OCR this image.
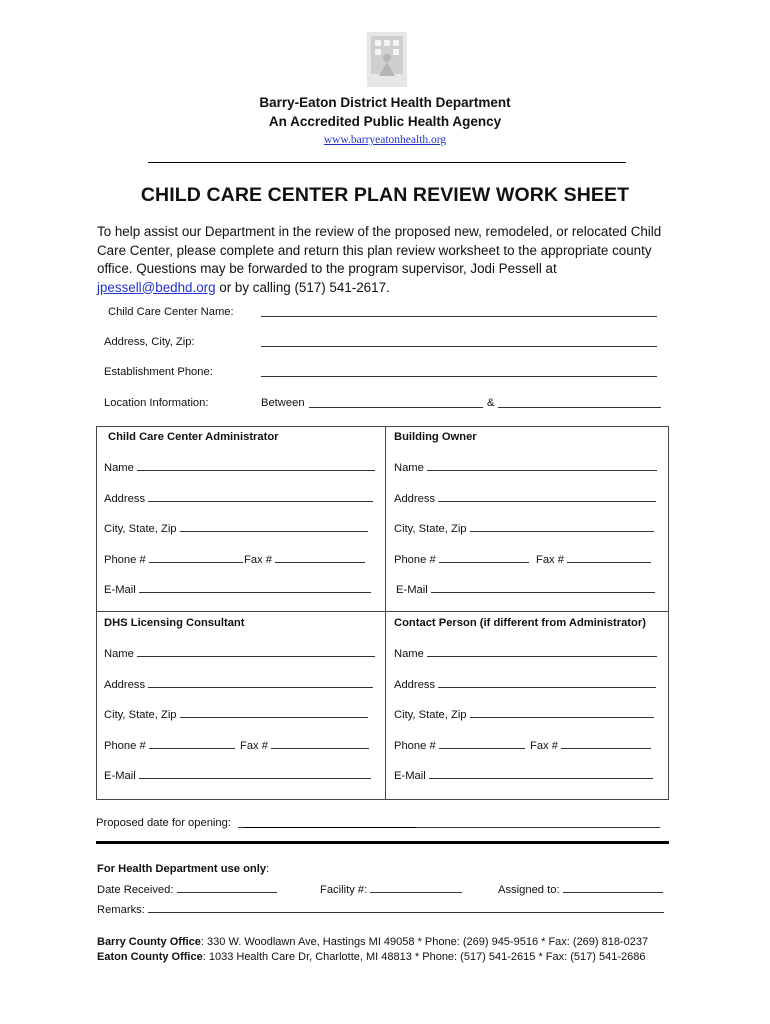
Barry-Eaton District Health Department
An Accredited Public Health Agency
www.barryeatonhealth.org
CHILD CARE CENTER PLAN REVIEW WORK SHEET
To help assist our Department in the review of the proposed new, remodeled, or relocated Child Care Center, please complete and return this plan review worksheet to the appropriate county office. Questions may be forwarded to the program supervisor, Jodi Pessell at jpessell@bedhd.org or by calling (517) 541-2617.
Child Care Center Name:
Address, City, Zip:
Establishment Phone:
Location Information:	Between	&
Child Care Center Administrator
Name
Address
City, State, Zip
Phone #	Fax #
E-Mail
Building Owner
Name
Address
City, State, Zip
Phone #	Fax #
E-Mail
DHS Licensing Consultant
Name
Address
City, State, Zip
Phone #	Fax #
E-Mail
Contact Person (if different from Administrator)
Name
Address
City, State, Zip
Phone #	Fax #
E-Mail
Proposed date for opening:
For Health Department use only:
Date Received:	Facility #:	Assigned to:
Remarks:
Barry County Office: 330 W. Woodlawn Ave, Hastings MI 49058 * Phone: (269) 945-9516 * Fax: (269) 818-0237
Eaton County Office: 1033 Health Care Dr, Charlotte, MI 48813 * Phone: (517) 541-2615 * Fax: (517) 541-2686
